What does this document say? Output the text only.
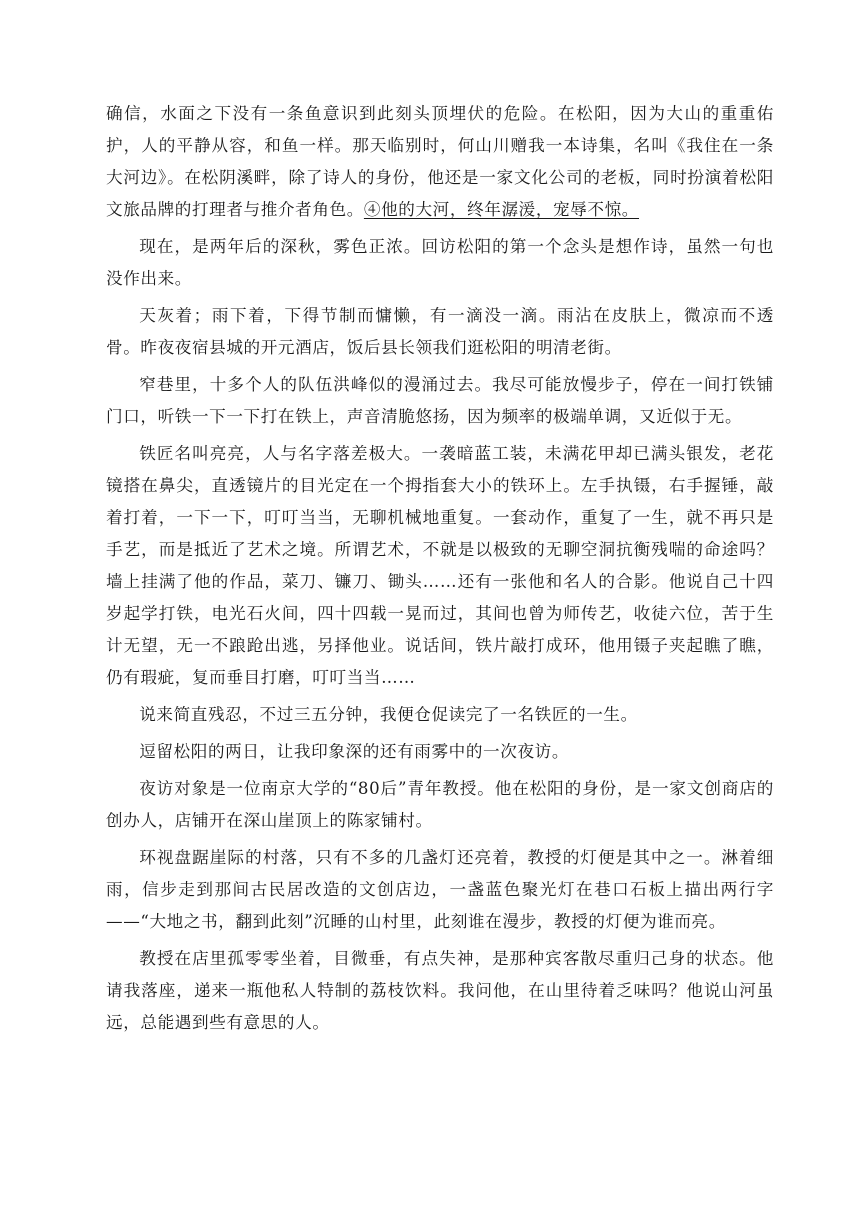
确信，水面之下没有一条鱼意识到此刻头顶埋伏的危险。在松阳，因为大山的重重佑护，人的平静从容，和鱼一样。那天临别时，何山川赠我一本诗集，名叫《我住在一条大河边》。在松阴溪畔，除了诗人的身份，他还是一家文化公司的老板，同时扮演着松阳文旅品牌的打理者与推介者角色。④他的大河，终年潺湲，宠辱不惊。

现在，是两年后的深秋，雾色正浓。回访松阳的第一个念头是想作诗，虽然一句也没作出来。

天灰着；雨下着，下得节制而慵懒，有一滴没一滴。雨沾在皮肤上，微凉而不透骨。昨夜夜宿县城的开元酒店，饭后县长领我们逛松阳的明清老街。

窄巷里，十多个人的队伍洪峰似的漫涌过去。我尽可能放慢步子，停在一间打铁铺门口，听铁一下一下打在铁上，声音清脆悠扬，因为频率的极端单调，又近似于无。

铁匠名叫亮亮，人与名字落差极大。一袭暗蓝工装，未满花甲却已满头银发，老花镜搭在鼻尖，直透镜片的目光定在一个拇指套大小的铁环上。左手执镊，右手握锤，敲着打着，一下一下，叮叮当当，无聊机械地重复。一套动作，重复了一生，就不再只是手艺，而是抵近了艺术之境。所谓艺术，不就是以极致的无聊空洞抗衡残喘的命途吗？墙上挂满了他的作品，菜刀、镰刀、锄头……还有一张他和名人的合影。他说自己十四岁起学打铁，电光石火间，四十四载一晃而过，其间也曾为师传艺，收徒六位，苦于生计无望，无一不踉跄出逃，另择他业。说话间，铁片敲打成环，他用镊子夹起瞧了瞧，仍有瑕疵，复而垂目打磨，叮叮当当……

说来简直残忍，不过三五分钟，我便仓促读完了一名铁匠的一生。

逗留松阳的两日，让我印象深的还有雨雾中的一次夜访。

夜访对象是一位南京大学的“80后”青年教授。他在松阳的身份，是一家文创商店的创办人，店铺开在深山崖顶上的陈家铺村。

环视盘踞崖际的村落，只有不多的几盏灯还亮着，教授的灯便是其中之一。淋着细雨，信步走到那间古民居改造的文创店边，一盏蓝色聚光灯在巷口石板上描出两行字——“大地之书，翻到此刻”沉睡的山村里，此刻谁在漫步，教授的灯便为谁而亮。

教授在店里孤零零坐着，目微垂，有点失神，是那种宾客散尽重归己身的状态。他请我落座，递来一瓶他私人特制的荔枝饮料。我问他，在山里待着乏味吗？他说山河虽远，总能遇到些有意思的人。
